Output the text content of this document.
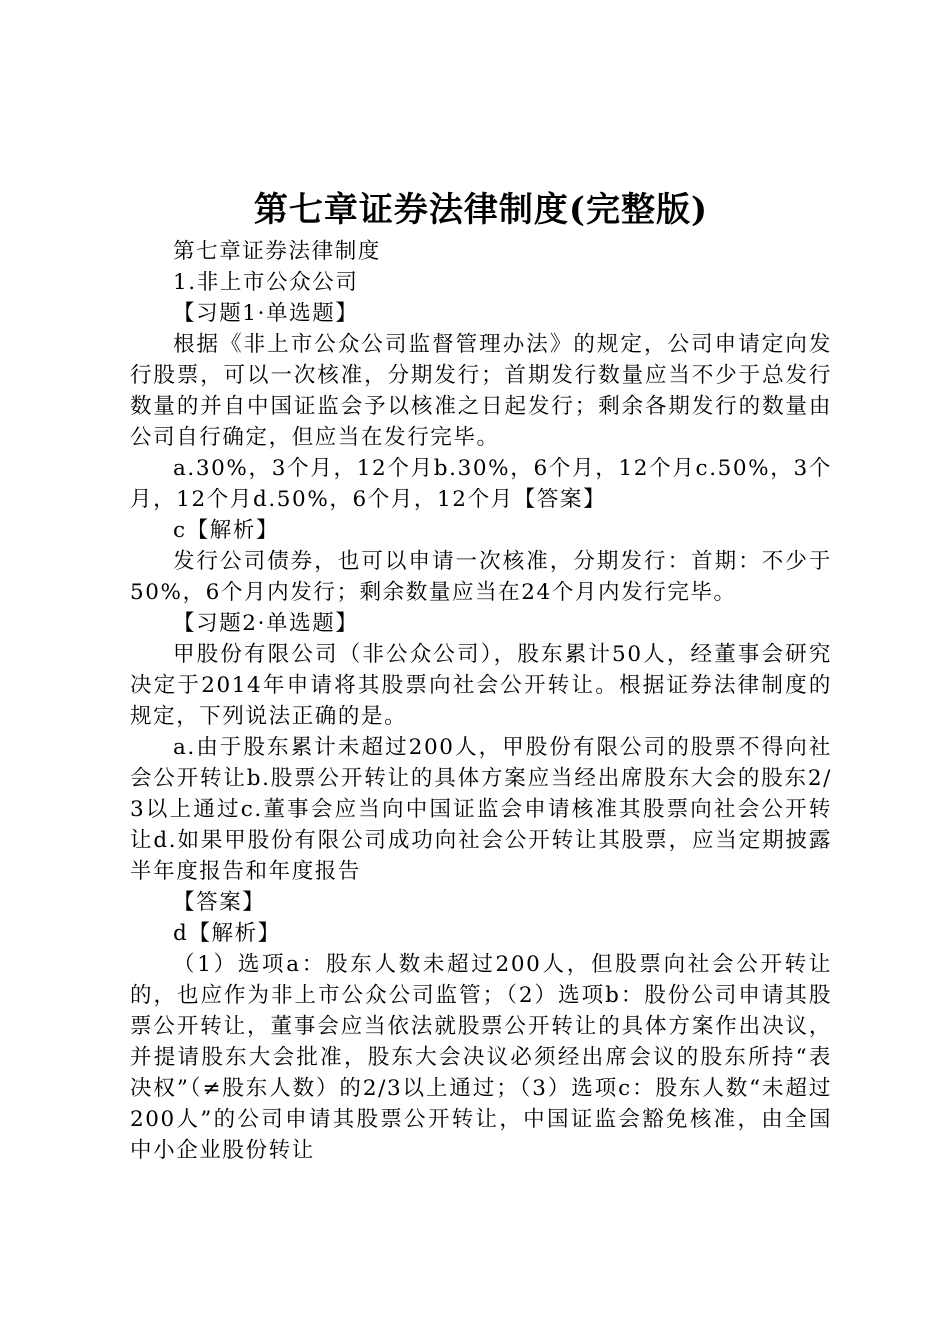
第七章证券法律制度(完整版)

第七章证券法律制度

1.非上市公众公司

【习题1·单选题】

根据《非上市公众公司监督管理办法》的规定，公司申请定向发行股票，可以一次核准，分期发行；首期发行数量应当不少于总发行数量的并自中国证监会予以核准之日起发行；剩余各期发行的数量由公司自行确定，但应当在发行完毕。

a.30%，3个月，12个月b.30%，6个月，12个月c.50%，3个月，12个月d.50%，6个月，12个月【答案】

c【解析】

发行公司债券，也可以申请一次核准，分期发行：首期：不少于50%，6个月内发行；剩余数量应当在24个月内发行完毕。

【习题2·单选题】

甲股份有限公司（非公众公司），股东累计50人，经董事会研究决定于2014年申请将其股票向社会公开转让。根据证券法律制度的规定，下列说法正确的是。

a.由于股东累计未超过200人，甲股份有限公司的股票不得向社会公开转让b.股票公开转让的具体方案应当经出席股东大会的股东2/3以上通过c.董事会应当向中国证监会申请核准其股票向社会公开转让d.如果甲股份有限公司成功向社会公开转让其股票，应当定期披露半年度报告和年度报告

【答案】

d【解析】

（1）选项a：股东人数未超过200人，但股票向社会公开转让的，也应作为非上市公众公司监管；（2）选项b：股份公司申请其股票公开转让，董事会应当依法就股票公开转让的具体方案作出决议，并提请股东大会批准，股东大会决议必须经出席会议的股东所持“表决权”（≠股东人数）的2/3以上通过；（3）选项c：股东人数“未超过200人”的公司申请其股票公开转让，中国证监会豁免核准，由全国中小企业股份转让
